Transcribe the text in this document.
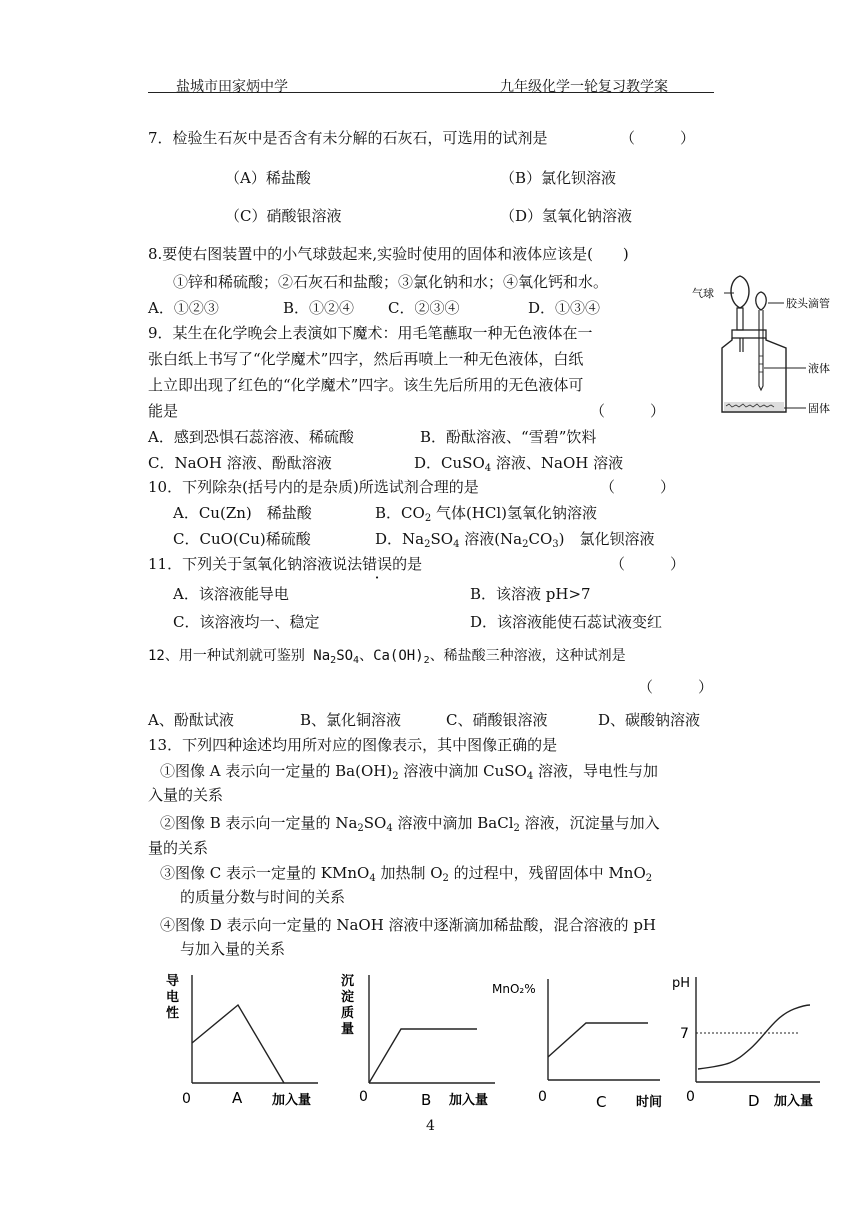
盐城市田家炳中学	九年级化学一轮复习教学案
7．检验生石灰中是否含有未分解的石灰石，可选用的试剂是	（　　　）
（A）稀盐酸	（B）氯化钡溶液
（C）硝酸银溶液	（D）氢氧化钠溶液
8.要使右图装置中的小气球鼓起来,实验时使用的固体和液体应该是(　　)
①锌和稀硫酸；②石灰石和盐酸；③氯化钠和水；④氧化钙和水。
A．①②③	B．①②④ C．②③④	D．①③④
气球
胶头滴管
液体
固体
9．某生在化学晚会上表演如下魔术：用毛笔蘸取一种无色液体在一
张白纸上书写了“化学魔术”四字，然后再喷上一种无色液体，白纸
上立即出现了红色的“化学魔术”四字。该生先后所用的无色液体可
能是	（　　　）
A．感到恐惧石蕊溶液、稀硫酸	B．酚酞溶液、“雪碧”饮料
C．NaOH 溶液、酚酞溶液	D．CuSO$_4$ 溶液、NaOH 溶液
10．下列除杂(括号内的是杂质)所选试剂合理的是	（　　　）
A．Cu(Zn)　稀盐酸	B．$CO_2$ 气体(HCl)氢氧化钠溶液
C．CuO(Cu)稀硫酸	D．$Na_2SO_4$ 溶液$(Na_2CO_3)$　氯化钡溶液
11．下列关于氢氧化钠溶液说法错误的是	（　　　）
A．该溶液能导电	B．该溶液 pH>7
C．该溶液均一、稳定	D．该溶液能使石蕊试液变红
12、用一种试剂就可鉴别 $Na_2SO_4$、$Ca(OH)_2$、稀盐酸三种溶液，这种试剂是
（　　　）
A、酚酞试液	B、氯化铜溶液	C、硝酸银溶液	D、碳酸钠溶液
13．下列四种途述均用所对应的图像表示，其中图像正确的是
①图像 A 表示向一定量的 $Ba(OH)_2$ 溶液中滴加 CuSO$_4$ 溶液，导电性与加
入量的关系
②图像 B 表示向一定量的 $Na_2SO_4$ 溶液中滴加 BaCl$_2$ 溶液，沉淀量与加入
量的关系
③图像 C 表示一定量的 KMnO$_4$ 加热制 $O_2$ 的过程中，残留固体中 MnO$_2$
的质量分数与时间的关系
④图像 D 表示向一定量的 NaOH 溶液中逐渐滴加稀盐酸，混合溶液的 pH
与加入量的关系
导
电
性
0	A 加入量
沉
淀
质
量
0	B 加入量
MnO₂%
0	C 时间
pH
7
0	D 加入量
4
